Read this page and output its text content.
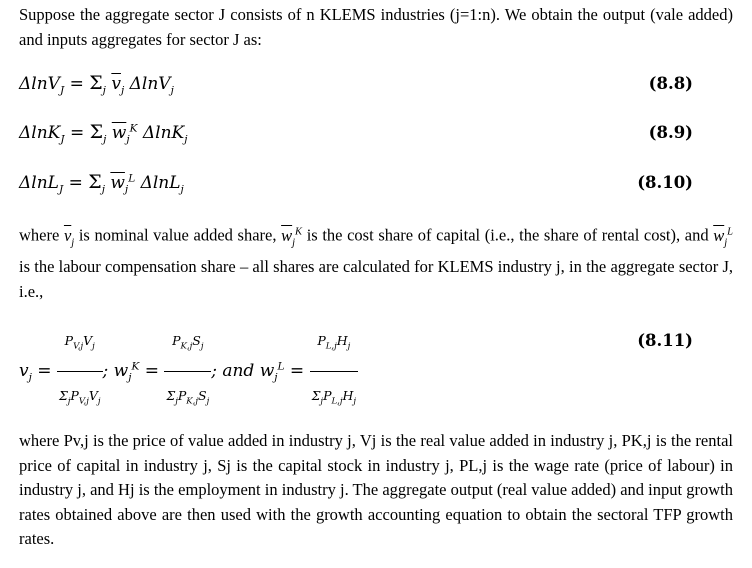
Suppose the aggregate sector J consists of n KLEMS industries (j=1:n). We obtain the output (vale added) and inputs aggregates for sector J as:

$\Delta\ln V_J = \Sigma_j$ $\overline{v}_j$ ΔlnV$_j$	(8.8)
$\Delta\ln K_J = \Sigma_j$ $\overline{w}_j^K$ ΔlnK$_j$	(8.9)
$\Delta\ln L_J = \Sigma_j$ $\overline{w}_j^L$ ΔlnL$_j$	(8.10)

where $\overline{v}_j$ is nominal value added share, $\overline{w}_j^K$ is the cost share of capital (i.e., the share of rental cost), and $\overline{w}_j^L$ is the labour compensation share – all shares are calculated for KLEMS industry j, in the aggregate sector J, i.e.,

$v_j = \frac{P_{V,j}V_j}{\Sigma_jP_{V,j}V_j}$ ; $w_j^K = \frac{P_{K,j}S_j}{\Sigma_jP_{K,j}S_j}$ ; and $w_j^L = \frac{P_{L,j}H_j}{\Sigma_jP_{L,j}H_j}$	(8.11)

where Pv,j is the price of value added in industry j, Vj is the real value added in industry j, PK,j is the rental price of capital in industry j, Sj is the capital stock in industry j, PL,j is the wage rate (price of labour) in industry j, and Hj is the employment in industry j. The aggregate output (real value added) and input growth rates obtained above are then used with the growth accounting equation to obtain the sectoral TFP growth rates.
